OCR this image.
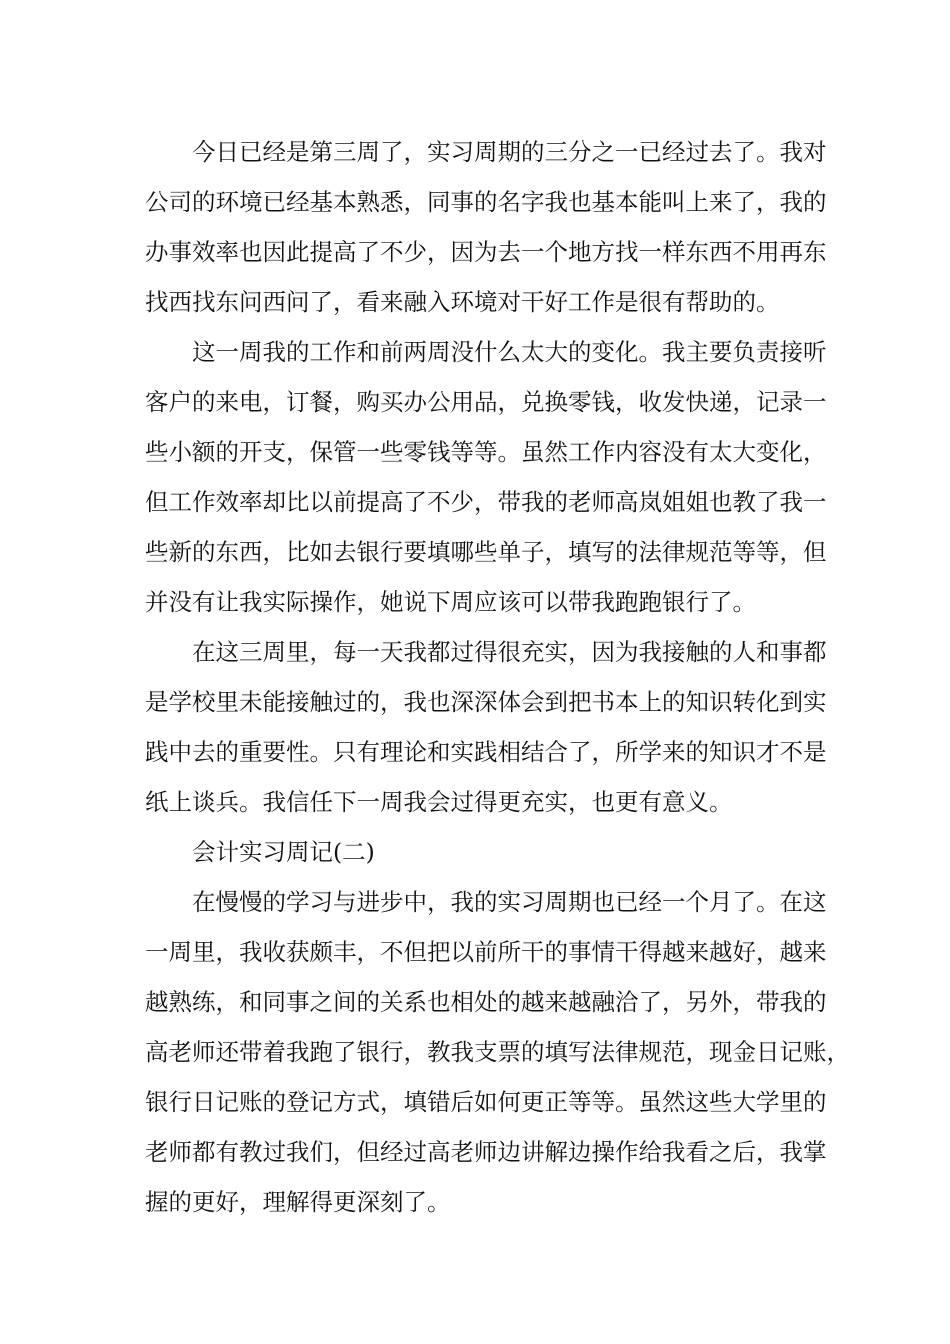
今日已经是第三周了，实习周期的三分之一已经过去了。我对
公司的环境已经基本熟悉，同事的名字我也基本能叫上来了，我的
办事效率也因此提高了不少，因为去一个地方找一样东西不用再东
找西找东问西问了，看来融入环境对干好工作是很有帮助的。
这一周我的工作和前两周没什么太大的变化。我主要负责接听
客户的来电，订餐，购买办公用品，兑换零钱，收发快递，记录一
些小额的开支，保管一些零钱等等。虽然工作内容没有太大变化，
但工作效率却比以前提高了不少，带我的老师高岚姐姐也教了我一
些新的东西，比如去银行要填哪些单子，填写的法律规范等等，但
并没有让我实际操作，她说下周应该可以带我跑跑银行了。
在这三周里，每一天我都过得很充实，因为我接触的人和事都
是学校里未能接触过的，我也深深体会到把书本上的知识转化到实
践中去的重要性。只有理论和实践相结合了，所学来的知识才不是
纸上谈兵。我信任下一周我会过得更充实，也更有意义。
会计实习周记(二)
在慢慢的学习与进步中，我的实习周期也已经一个月了。在这
一周里，我收获颇丰，不但把以前所干的事情干得越来越好，越来
越熟练，和同事之间的关系也相处的越来越融洽了，另外，带我的
高老师还带着我跑了银行，教我支票的填写法律规范，现金日记账，
银行日记账的登记方式，填错后如何更正等等。虽然这些大学里的
老师都有教过我们，但经过高老师边讲解边操作给我看之后，我掌
握的更好，理解得更深刻了。
